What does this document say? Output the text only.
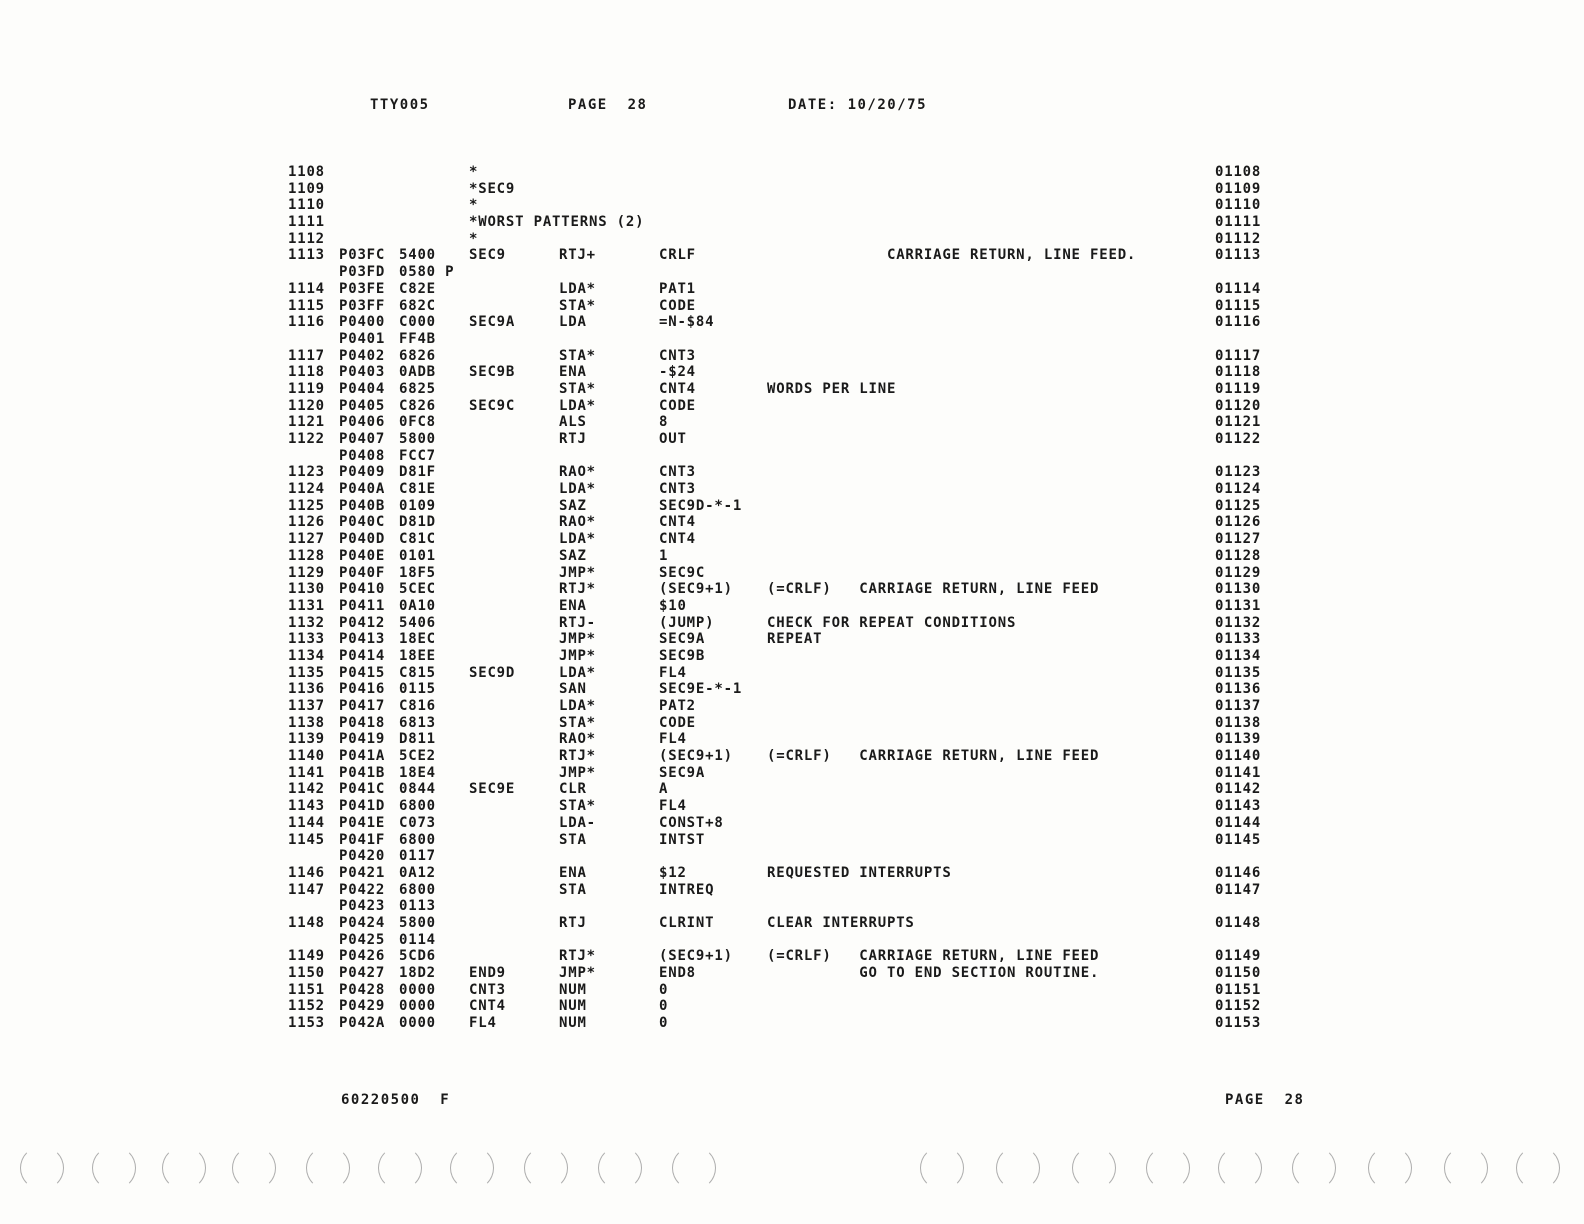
TTY005	PAGE  28	DATE: 10/20/75
1108	*	01108
1109	*SEC9	01109
1110	*	01110
1111	*WORST PATTERNS (2)	01111
1112	*	01112
1113 P03FC 5400 SEC9	RTJ+	CRLF	CARRIAGE RETURN, LINE FEED.	01113
P03FD 0580 P
1114 P03FE C82E	LDA*	PAT1	01114
1115 P03FF 682C	STA*	CODE	01115
1116 P0400 C000 SEC9A	LDA	=N-$84	01116
P0401 FF4B
1117 P0402 6826	STA*	CNT3	01117
1118 P0403 0ADB SEC9B	ENA	-$24	01118
1119 P0404 6825	STA*	CNT4	WORDS PER LINE	01119
1120 P0405 C826 SEC9C	LDA*	CODE	01120
1121 P0406 0FC8	ALS	8	01121
1122 P0407 5800	RTJ	OUT	01122
P0408 FCC7
1123 P0409 D81F	RAO*	CNT3	01123
1124 P040A C81E	LDA*	CNT3	01124
1125 P040B 0109	SAZ	SEC9D-*-1	01125
1126 P040C D81D	RAO*	CNT4	01126
1127 P040D C81C	LDA*	CNT4	01127
1128 P040E 0101	SAZ	1	01128
1129 P040F 18F5	JMP*	SEC9C	01129
1130 P0410 5CEC	RTJ*	(SEC9+1) (=CRLF)   CARRIAGE RETURN, LINE FEED	01130
1131 P0411 0A10	ENA	$10	01131
1132 P0412 5406	RTJ-	(JUMP)	CHECK FOR REPEAT CONDITIONS	01132
1133 P0413 18EC	JMP*	SEC9A	REPEAT	01133
1134 P0414 18EE	JMP*	SEC9B	01134
1135 P0415 C815 SEC9D	LDA*	FL4	01135
1136 P0416 0115	SAN	SEC9E-*-1	01136
1137 P0417 C816	LDA*	PAT2	01137
1138 P0418 6813	STA*	CODE	01138
1139 P0419 D811	RAO*	FL4	01139
1140 P041A 5CE2	RTJ*	(SEC9+1) (=CRLF)   CARRIAGE RETURN, LINE FEED	01140
1141 P041B 18E4	JMP*	SEC9A	01141
1142 P041C 0844 SEC9E	CLR	A	01142
1143 P041D 6800	STA*	FL4	01143
1144 P041E C073	LDA-	CONST+8	01144
1145 P041F 6800	STA	INTST	01145
P0420 0117
1146 P0421 0A12	ENA	$12	REQUESTED INTERRUPTS	01146
1147 P0422 6800	STA	INTREQ	01147
P0423 0113
1148 P0424 5800	RTJ	CLRINT	CLEAR INTERRUPTS	01148
P0425 0114
1149 P0426 5CD6	RTJ*	(SEC9+1) (=CRLF)   CARRIAGE RETURN, LINE FEED	01149
1150 P0427 18D2 END9	JMP*	END8	GO TO END SECTION ROUTINE.	01150
1151 P0428 0000 CNT3	NUM	0	01151
1152 P0429 0000 CNT4	NUM	0	01152
1153 P042A 0000 FL4	NUM	0	01153
60220500  F	PAGE  28
